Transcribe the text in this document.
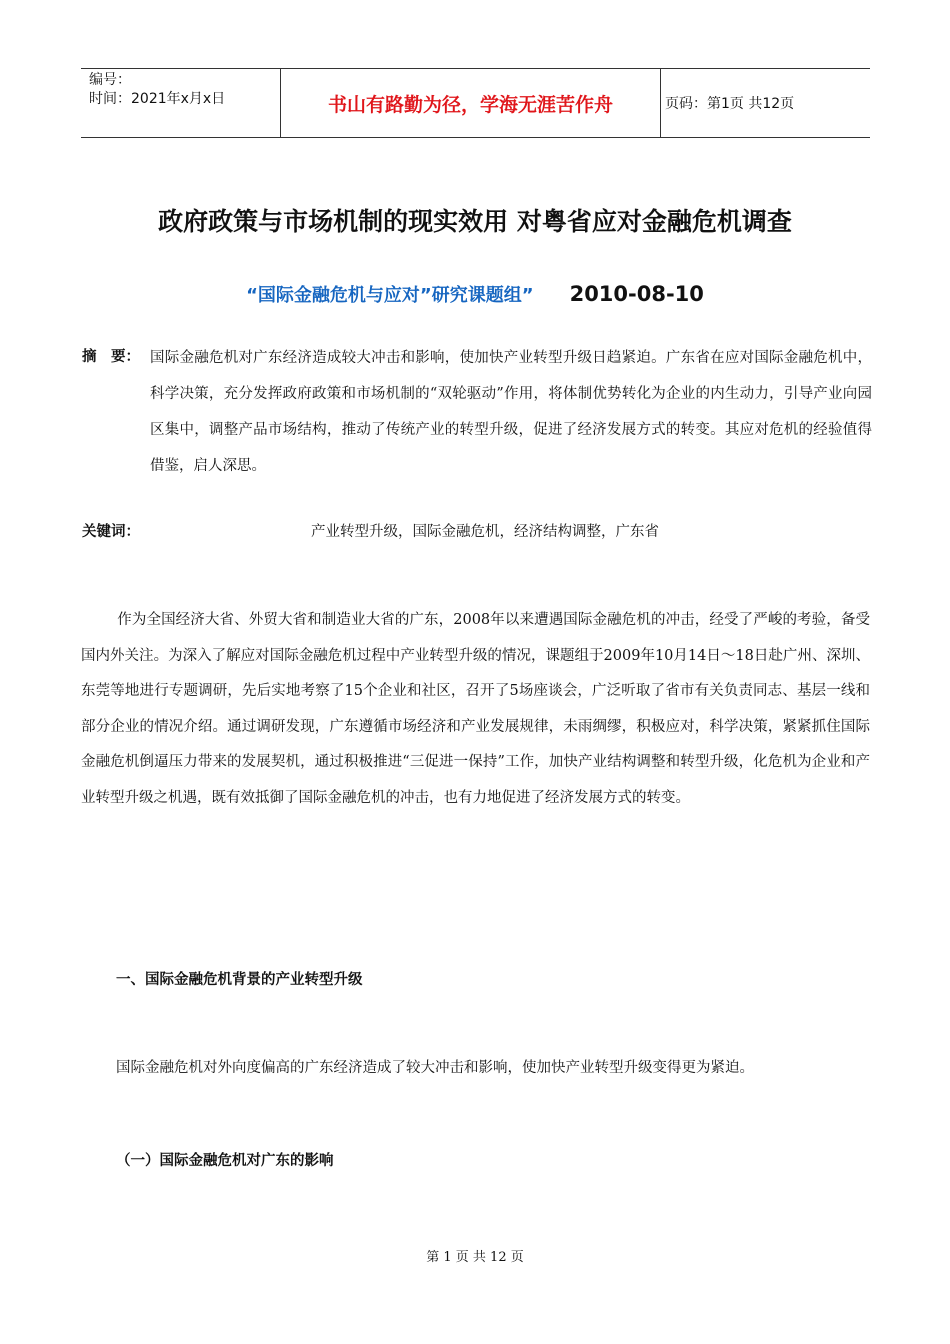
编号：
时间：2021年x月x日	书山有路勤为径，学海无涯苦作舟	页码：第1页 共12页
政府政策与市场机制的现实效用 对粤省应对金融危机调查
“国际金融危机与应对”研究课题组” 2010-08-10
摘　要： 国际金融危机对广东经济造成较大冲击和影响，使加快产业转型升级日趋紧迫。广东省在应对国际金融危机中，科学决策，充分发挥政府政策和市场机制的“双轮驱动”作用，将体制优势转化为企业的内生动力，引导产业向园区集中，调整产品市场结构，推动了传统产业的转型升级，促进了经济发展方式的转变。其应对危机的经验值得借鉴，启人深思。
关键词：	产业转型升级，国际金融危机，经济结构调整，广东省
作为全国经济大省、外贸大省和制造业大省的广东，2008年以来遭遇国际金融危机的冲击，经受了严峻的考验，备受国内外关注。为深入了解应对国际金融危机过程中产业转型升级的情况，课题组于2009年10月14日～18日赴广州、深圳、东莞等地进行专题调研，先后实地考察了15个企业和社区，召开了5场座谈会，广泛听取了省市有关负责同志、基层一线和部分企业的情况介绍。通过调研发现，广东遵循市场经济和产业发展规律，未雨绸缪，积极应对，科学决策，紧紧抓住国际金融危机倒逼压力带来的发展契机，通过积极推进“三促进一保持”工作，加快产业结构调整和转型升级，化危机为企业和产业转型升级之机遇，既有效抵御了国际金融危机的冲击，也有力地促进了经济发展方式的转变。
一、国际金融危机背景的产业转型升级
国际金融危机对外向度偏高的广东经济造成了较大冲击和影响，使加快产业转型升级变得更为紧迫。
（一）国际金融危机对广东的影响
第 1 页 共 12 页
